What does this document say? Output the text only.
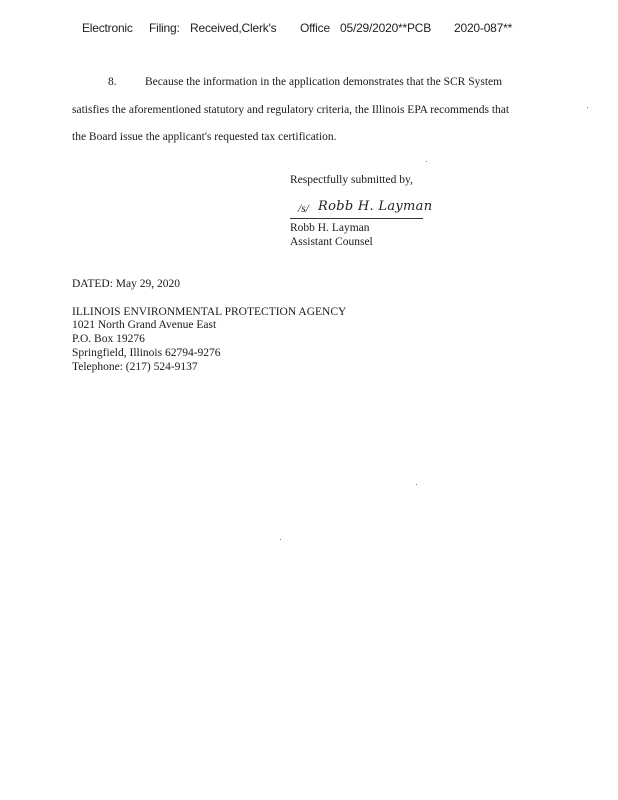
Electronic Filing: Received,Clerk's Office 05/29/2020**PCB 2020-087**
8. Because the information in the application demonstrates that the SCR System
satisfies the aforementioned statutory and regulatory criteria, the Illinois EPA recommends that
the Board issue the applicant's requested tax certification.
Respectfully submitted by,
/s/ Robb H. Layman
Robb H. Layman
Assistant Counsel
DATED: May 29, 2020
ILLINOIS ENVIRONMENTAL PROTECTION AGENCY
1021 North Grand Avenue East
P.O. Box 19276
Springfield, Illinois 62794-9276
Telephone: (217) 524-9137
